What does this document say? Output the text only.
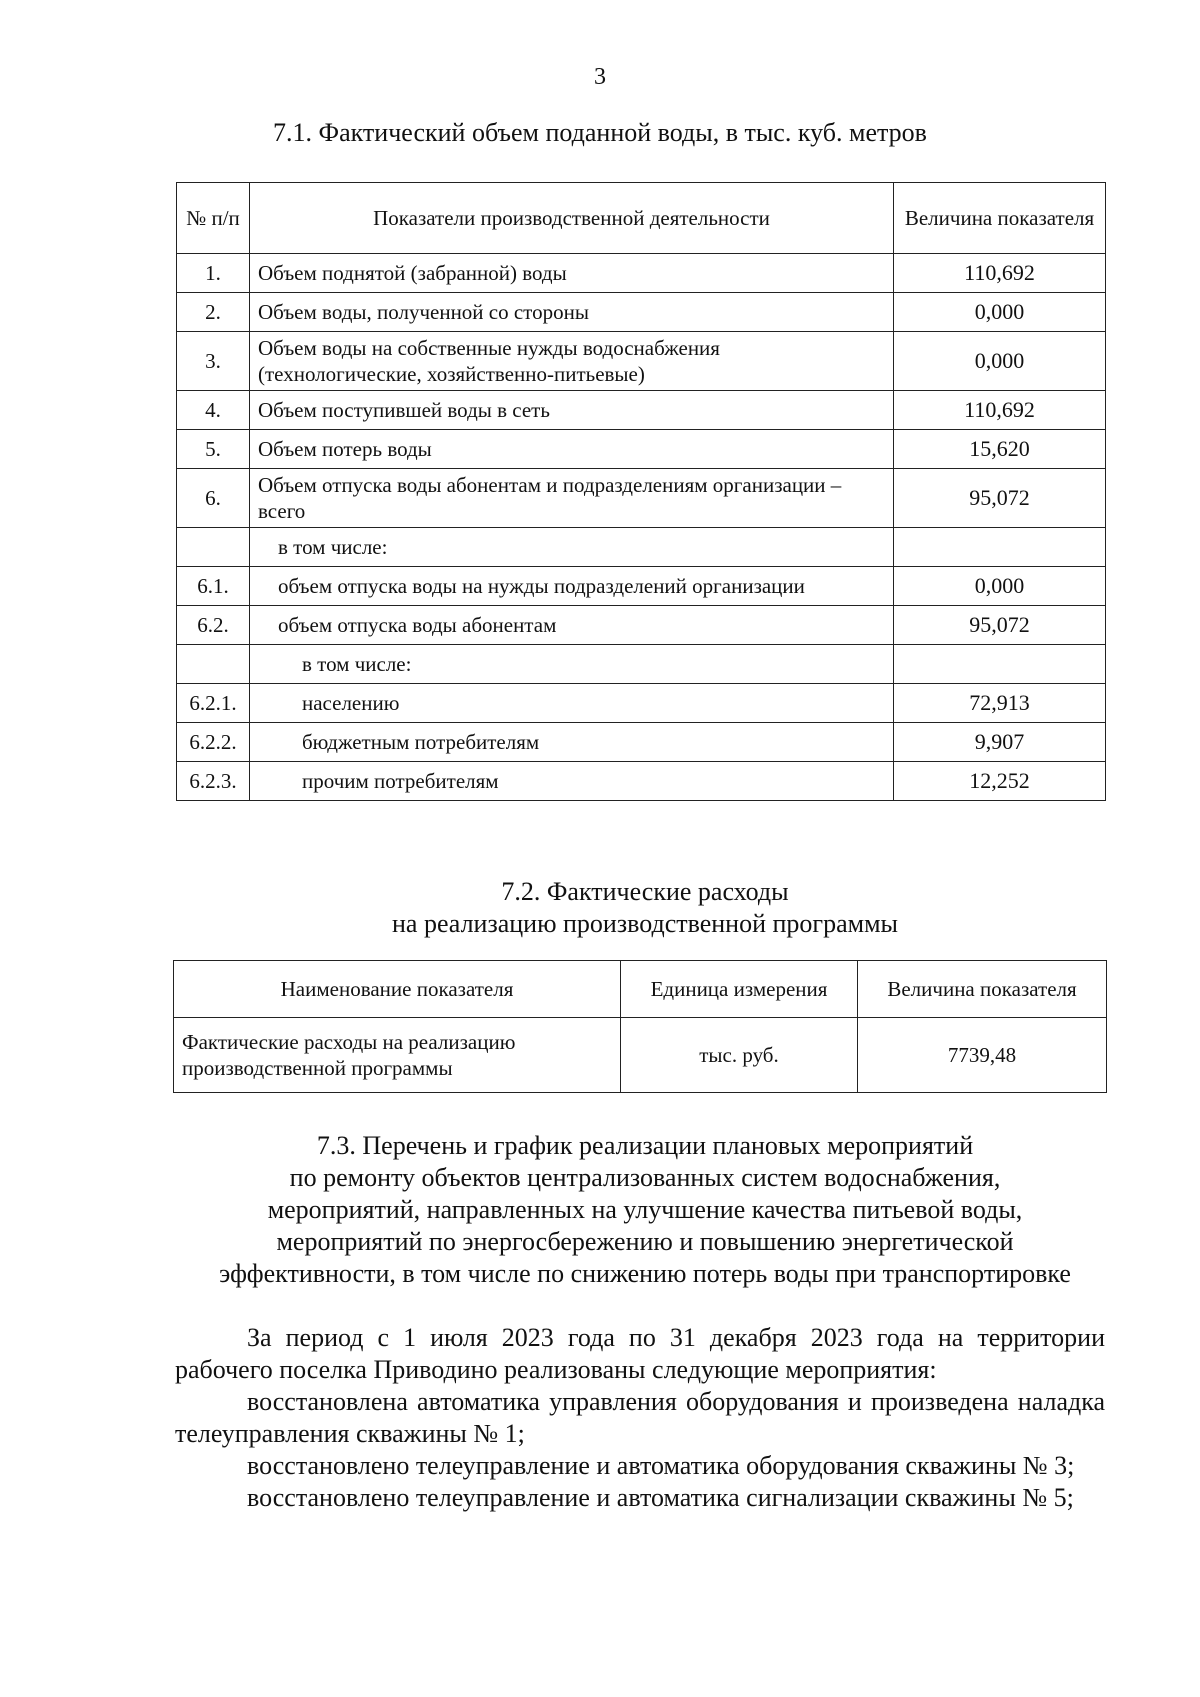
3
7.1. Фактический объем поданной воды, в тыс. куб. метров
№ п/п	Показатели производственной деятельности	Величина показателя
1.	Объем поднятой (забранной) воды	110,692
2.	Объем воды, полученной со стороны	0,000
3.	Объем воды на собственные нужды водоснабжения (технологические, хозяйственно-питьевые)	0,000
4.	Объем поступившей воды в сеть	110,692
5.	Объем потерь воды	15,620
6.	Объем отпуска воды абонентам и подразделениям организации – всего	95,072
	в том числе:	
6.1.	объем отпуска воды на нужды подразделений организации	0,000
6.2.	объем отпуска воды абонентам	95,072
	в том числе:	
6.2.1.	населению	72,913
6.2.2.	бюджетным потребителям	9,907
6.2.3.	прочим потребителям	12,252
7.2. Фактические расходы
на реализацию производственной программы
Наименование показателя	Единица измерения	Величина показателя
Фактические расходы на реализацию производственной программы	тыс. руб.	7739,48
7.3. Перечень и график реализации плановых мероприятий
по ремонту объектов централизованных систем водоснабжения,
мероприятий, направленных на улучшение качества питьевой воды,
мероприятий по энергосбережению и повышению энергетической
эффективности, в том числе по снижению потерь воды при транспортировке

За период с 1 июля 2023 года по 31 декабря 2023 года на территории рабочего поселка Приводино реализованы следующие мероприятия:

восстановлена автоматика управления оборудования и произведена наладка телеуправления скважины № 1;

восстановлено телеуправление и автоматика оборудования скважины № 3;

восстановлено телеуправление и автоматика сигнализации скважины № 5;
